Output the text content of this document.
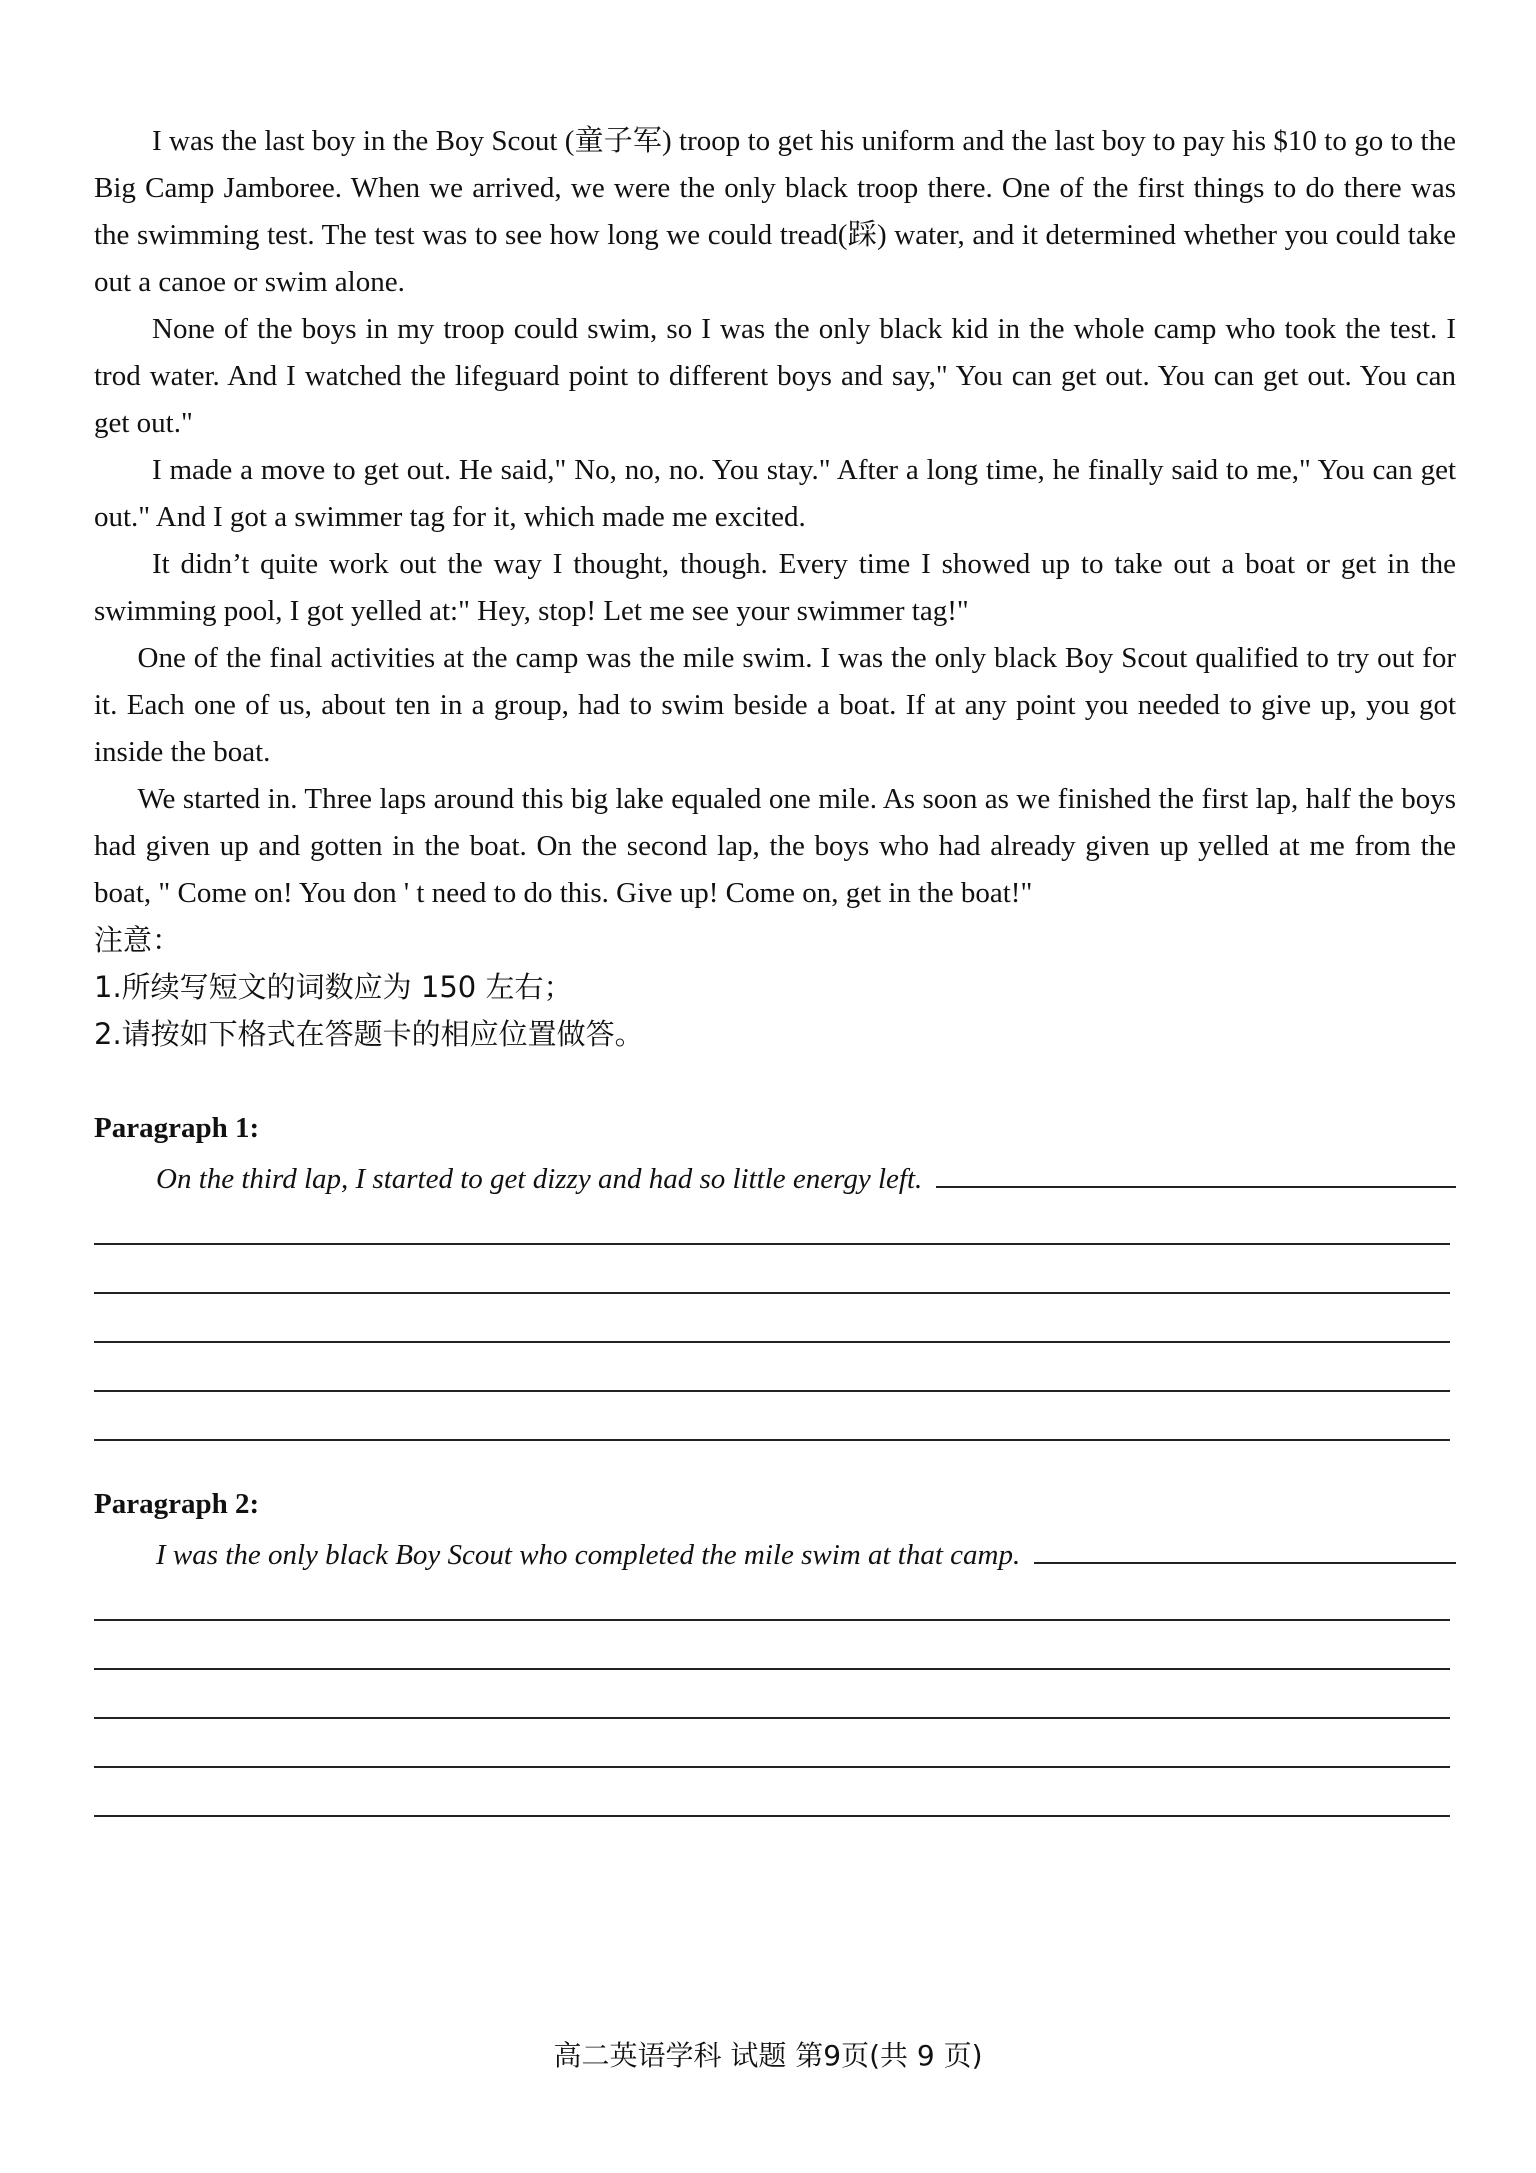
I was the last boy in the Boy Scout (童子军) troop to get his uniform and the last boy to pay his $10 to go to the Big Camp Jamboree. When we arrived, we were the only black troop there. One of the first things to do there was the swimming test. The test was to see how long we could tread(踩) water, and it determined whether you could take out a canoe or swim alone.

None of the boys in my troop could swim, so I was the only black kid in the whole camp who took the test. I trod water. And I watched the lifeguard point to different boys and say," You can get out. You can get out. You can get out."

I made a move to get out. He said," No, no, no. You stay." After a long time, he finally said to me," You can get out." And I got a swimmer tag for it, which made me excited.

It didn’t quite work out the way I thought, though. Every time I showed up to take out a boat or get in the swimming pool, I got yelled at:" Hey, stop! Let me see your swimmer tag!"

One of the final activities at the camp was the mile swim. I was the only black Boy Scout qualified to try out for it. Each one of us, about ten in a group, had to swim beside a boat. If at any point you needed to give up, you got inside the boat.

We started in. Three laps around this big lake equaled one mile. As soon as we finished the first lap, half the boys had given up and gotten in the boat. On the second lap, the boys who had already given up yelled at me from the boat, " Come on! You don ' t need to do this. Give up! Come on, get in the boat!"

注意：
1.所续写短文的词数应为 150 左右；
2.请按如下格式在答题卡的相应位置做答。
Paragraph 1:
On the third lap, I started to get dizzy and had so little energy left.
Paragraph 2:
I was the only black Boy Scout who completed the mile swim at that camp.
高二英语学科 试题 第9页(共 9 页)
